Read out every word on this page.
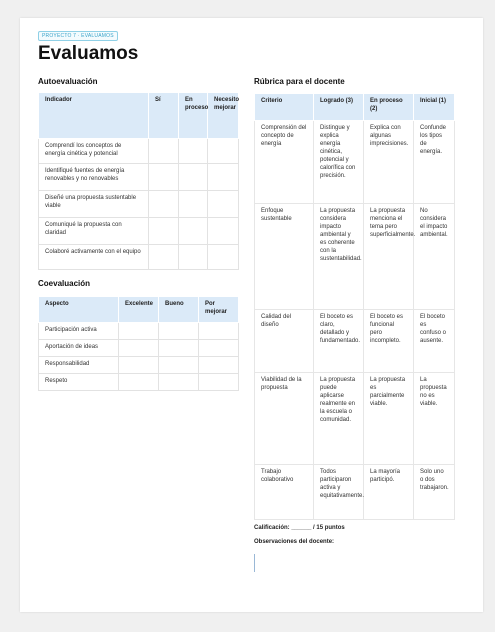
PROYECTO 7 · EVALUAMOS
Evaluamos
Autoevaluación
Indicador	Sí	En proceso	Necesito mejorar
Comprendí los conceptos de energía cinética y potencial			
Identifiqué fuentes de energía renovables y no renovables			
Diseñé una propuesta sustentable viable			
Comuniqué la propuesta con claridad			
Colaboré activamente con el equipo			
Coevaluación
Aspecto	Excelente	Bueno	Por mejorar
Participación activa			
Aportación de ideas			
Responsabilidad			
Respeto			
Rúbrica para el docente
Criterio	Logrado (3)	En proceso (2)	Inicial (1)
Comprensión del concepto de energía	Distingue y explica energía cinética, potencial y calorífica con precisión.	Explica con algunas imprecisiones.	Confunde los tipos de energía.
Enfoque sustentable	La propuesta considera impacto ambiental y es coherente con la sustentabilidad.	La propuesta menciona el tema pero superficialmente.	No considera el impacto ambiental.
Calidad del diseño	El boceto es claro, detallado y fundamentado.	El boceto es funcional pero incompleto.	El boceto es confuso o ausente.
Viabilidad de la propuesta	La propuesta puede aplicarse realmente en la escuela o comunidad.	La propuesta es parcialmente viable.	La propuesta no es viable.
Trabajo colaborativo	Todos participaron activa y equitativamente.	La mayoría participó.	Solo uno o dos trabajaron.
Calificación: ______ / 15 puntos
Observaciones del docente:
